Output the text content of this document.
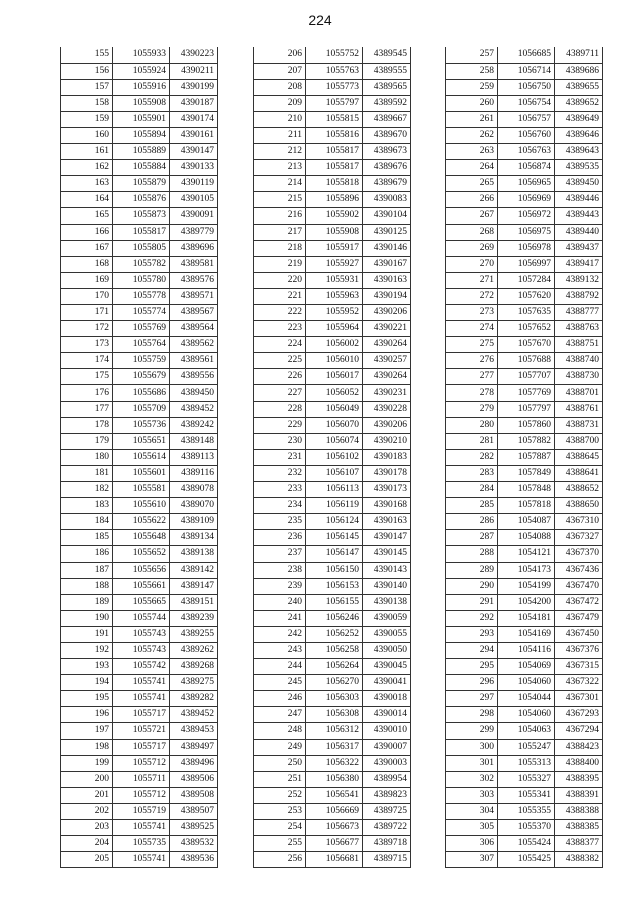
224
155	1055933	4390223
156	1055924	4390211
157	1055916	4390199
158	1055908	4390187
159	1055901	4390174
160	1055894	4390161
161	1055889	4390147
162	1055884	4390133
163	1055879	4390119
164	1055876	4390105
165	1055873	4390091
166	1055817	4389779
167	1055805	4389696
168	1055782	4389581
169	1055780	4389576
170	1055778	4389571
171	1055774	4389567
172	1055769	4389564
173	1055764	4389562
174	1055759	4389561
175	1055679	4389556
176	1055686	4389450
177	1055709	4389452
178	1055736	4389242
179	1055651	4389148
180	1055614	4389113
181	1055601	4389116
182	1055581	4389078
183	1055610	4389070
184	1055622	4389109
185	1055648	4389134
186	1055652	4389138
187	1055656	4389142
188	1055661	4389147
189	1055665	4389151
190	1055744	4389239
191	1055743	4389255
192	1055743	4389262
193	1055742	4389268
194	1055741	4389275
195	1055741	4389282
196	1055717	4389452
197	1055721	4389453
198	1055717	4389497
199	1055712	4389496
200	1055711	4389506
201	1055712	4389508
202	1055719	4389507
203	1055741	4389525
204	1055735	4389532
205	1055741	4389536
206	1055752	4389545
207	1055763	4389555
208	1055773	4389565
209	1055797	4389592
210	1055815	4389667
211	1055816	4389670
212	1055817	4389673
213	1055817	4389676
214	1055818	4389679
215	1055896	4390083
216	1055902	4390104
217	1055908	4390125
218	1055917	4390146
219	1055927	4390167
220	1055931	4390163
221	1055963	4390194
222	1055952	4390206
223	1055964	4390221
224	1056002	4390264
225	1056010	4390257
226	1056017	4390264
227	1056052	4390231
228	1056049	4390228
229	1056070	4390206
230	1056074	4390210
231	1056102	4390183
232	1056107	4390178
233	1056113	4390173
234	1056119	4390168
235	1056124	4390163
236	1056145	4390147
237	1056147	4390145
238	1056150	4390143
239	1056153	4390140
240	1056155	4390138
241	1056246	4390059
242	1056252	4390055
243	1056258	4390050
244	1056264	4390045
245	1056270	4390041
246	1056303	4390018
247	1056308	4390014
248	1056312	4390010
249	1056317	4390007
250	1056322	4390003
251	1056380	4389954
252	1056541	4389823
253	1056669	4389725
254	1056673	4389722
255	1056677	4389718
256	1056681	4389715
257	1056685	4389711
258	1056714	4389686
259	1056750	4389655
260	1056754	4389652
261	1056757	4389649
262	1056760	4389646
263	1056763	4389643
264	1056874	4389535
265	1056965	4389450
266	1056969	4389446
267	1056972	4389443
268	1056975	4389440
269	1056978	4389437
270	1056997	4389417
271	1057284	4389132
272	1057620	4388792
273	1057635	4388777
274	1057652	4388763
275	1057670	4388751
276	1057688	4388740
277	1057707	4388730
278	1057769	4388701
279	1057797	4388761
280	1057860	4388731
281	1057882	4388700
282	1057887	4388645
283	1057849	4388641
284	1057848	4388652
285	1057818	4388650
286	1054087	4367310
287	1054088	4367327
288	1054121	4367370
289	1054173	4367436
290	1054199	4367470
291	1054200	4367472
292	1054181	4367479
293	1054169	4367450
294	1054116	4367376
295	1054069	4367315
296	1054060	4367322
297	1054044	4367301
298	1054060	4367293
299	1054063	4367294
300	1055247	4388423
301	1055313	4388400
302	1055327	4388395
303	1055341	4388391
304	1055355	4388388
305	1055370	4388385
306	1055424	4388377
307	1055425	4388382
